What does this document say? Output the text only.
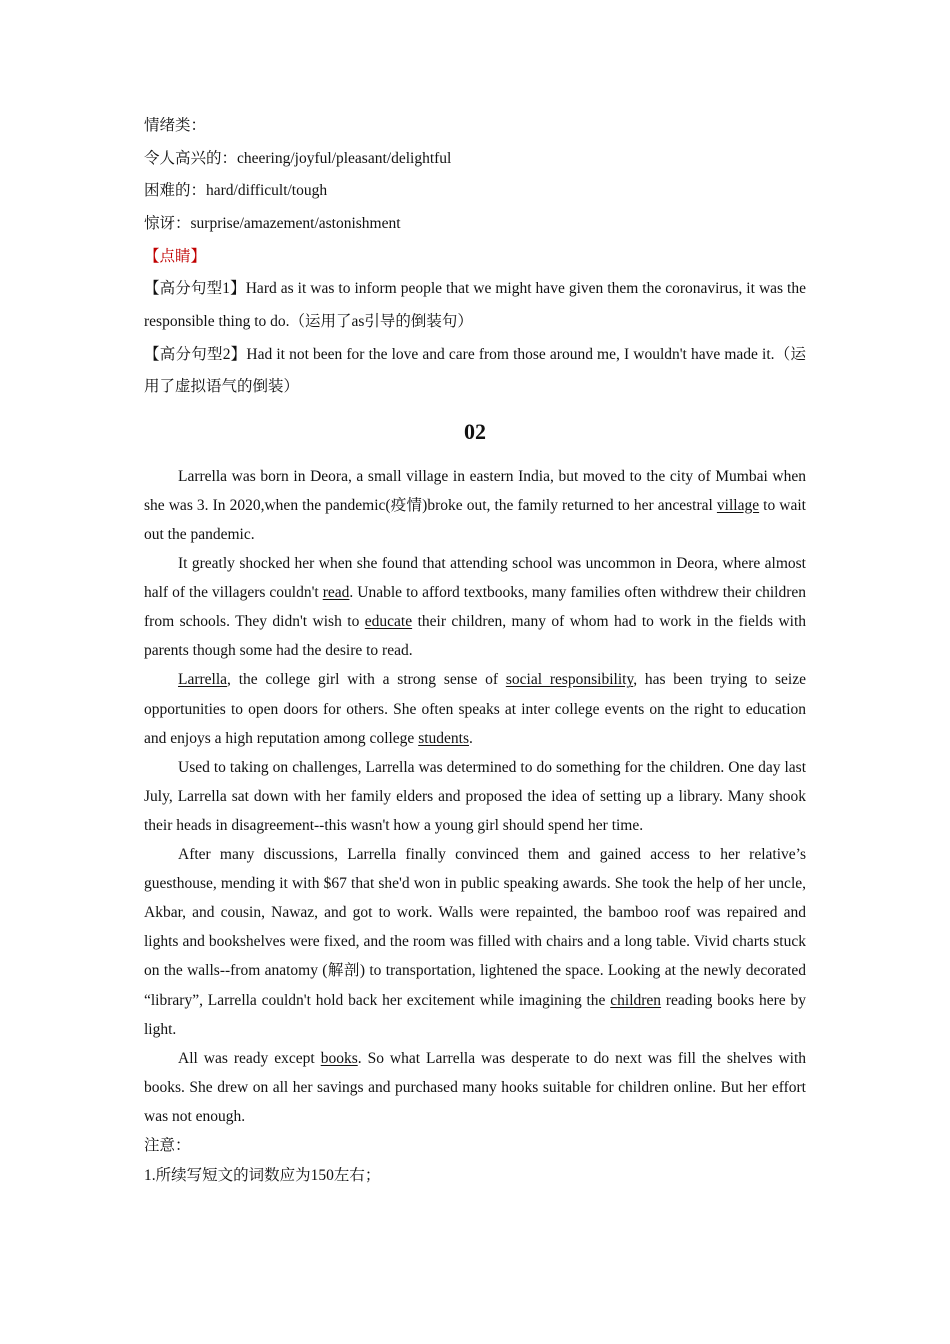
情绪类：
令人高兴的：cheering/joyful/pleasant/delightful
困难的：hard/difficult/tough
惊讶：surprise/amazement/astonishment
【点睛】

【高分句型1】Hard as it was to inform people that we might have given them the coronavirus, it was the responsible thing to do.（运用了as引导的倒装句）

【高分句型2】Had it not been for the love and care from those around me, I wouldn't have made it.（运用了虚拟语气的倒装）

02

Larrella was born in Deora, a small village in eastern India, but moved to the city of Mumbai when she was 3. In 2020,when the pandemic(疫情)broke out, the family returned to her ancestral village to wait out the pandemic.

It greatly shocked her when she found that attending school was uncommon in Deora, where almost half of the villagers couldn't read. Unable to afford textbooks, many families often withdrew their children from schools. They didn't wish to educate their children, many of whom had to work in the fields with parents though some had the desire to read.

Larrella, the college girl with a strong sense of social responsibility, has been trying to seize opportunities to open doors for others. She often speaks at inter college events on the right to education and enjoys a high reputation among college students.

Used to taking on challenges, Larrella was determined to do something for the children. One day last July, Larrella sat down with her family elders and proposed the idea of setting up a library. Many shook their heads in disagreement--this wasn't how a young girl should spend her time.

After many discussions, Larrella finally convinced them and gained access to her relative’s guesthouse, mending it with $67 that she'd won in public speaking awards. She took the help of her uncle, Akbar, and cousin, Nawaz, and got to work. Walls were repainted, the bamboo roof was repaired and lights and bookshelves were fixed, and the room was filled with chairs and a long table. Vivid charts stuck on the walls--from anatomy (解剖) to transportation, lightened the space. Looking at the newly decorated “library”, Larrella couldn't hold back her excitement while imagining the children reading books here by light.

All was ready except books. So what Larrella was desperate to do next was fill the shelves with books. She drew on all her savings and purchased many hooks suitable for children online. But her effort was not enough.

注意：
1.所续写短文的词数应为150左右；
